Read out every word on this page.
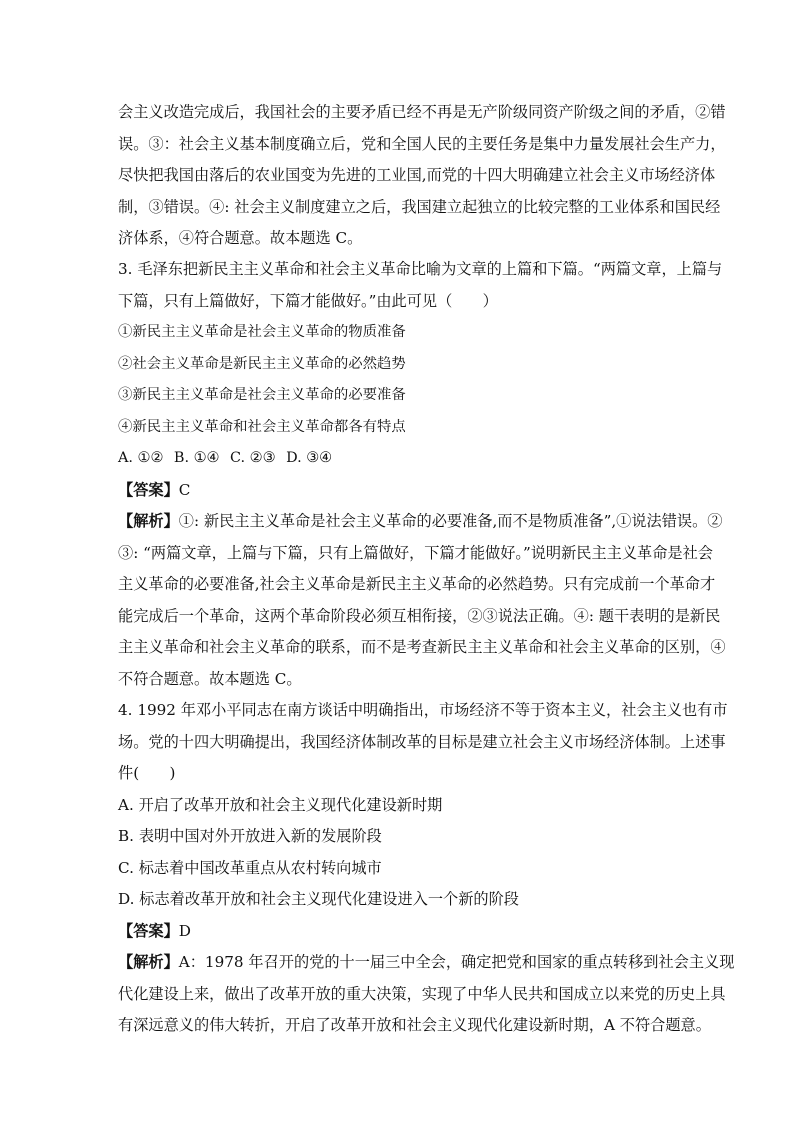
会主义改造完成后，我国社会的主要矛盾已经不再是无产阶级同资产阶级之间的矛盾，②错
误。③：社会主义基本制度确立后，党和全国人民的主要任务是集中力量发展社会生产力，
尽快把我国由落后的农业国变为先进的工业国,而党的十四大明确建立社会主义市场经济体
制，③错误。④: 社会主义制度建立之后，我国建立起独立的比较完整的工业体系和国民经
济体系，④符合题意。故本题选 C。
3. 毛泽东把新民主主义革命和社会主义革命比喻为文章的上篇和下篇。“两篇文章，上篇与
下篇，只有上篇做好，下篇才能做好。”由此可见（　　）
①新民主主义革命是社会主义革命的物质准备
②社会主义革命是新民主主义革命的必然趋势
③新民主主义革命是社会主义革命的必要准备
④新民主主义革命和社会主义革命都各有特点
A. ①② B. ①④ C. ②③ D. ③④
【答案】C
【解析】①: 新民主主义革命是社会主义革命的必要准备,而不是物质准备”,①说法错误。②
③: “两篇文章，上篇与下篇，只有上篇做好，下篇才能做好。”说明新民主主义革命是社会
主义革命的必要准备,社会主义革命是新民主主义革命的必然趋势。只有完成前一个革命才
能完成后一个革命，这两个革命阶段必须互相衔接，②③说法正确。④: 题干表明的是新民
主主义革命和社会主义革命的联系，而不是考查新民主主义革命和社会主义革命的区别，④
不符合题意。故本题选 C。
4. 1992 年邓小平同志在南方谈话中明确指出，市场经济不等于资本主义，社会主义也有市
场。党的十四大明确提出，我国经济体制改革的目标是建立社会主义市场经济体制。上述事
件(　　)
A. 开启了改革开放和社会主义现代化建设新时期
B. 表明中国对外开放进入新的发展阶段
C. 标志着中国改革重点从农村转向城市
D. 标志着改革开放和社会主义现代化建设进入一个新的阶段
【答案】D
【解析】A：1978 年召开的党的十一届三中全会，确定把党和国家的重点转移到社会主义现
代化建设上来，做出了改革开放的重大决策，实现了中华人民共和国成立以来党的历史上具
有深远意义的伟大转折，开启了改革开放和社会主义现代化建设新时期，A 不符合题意。
